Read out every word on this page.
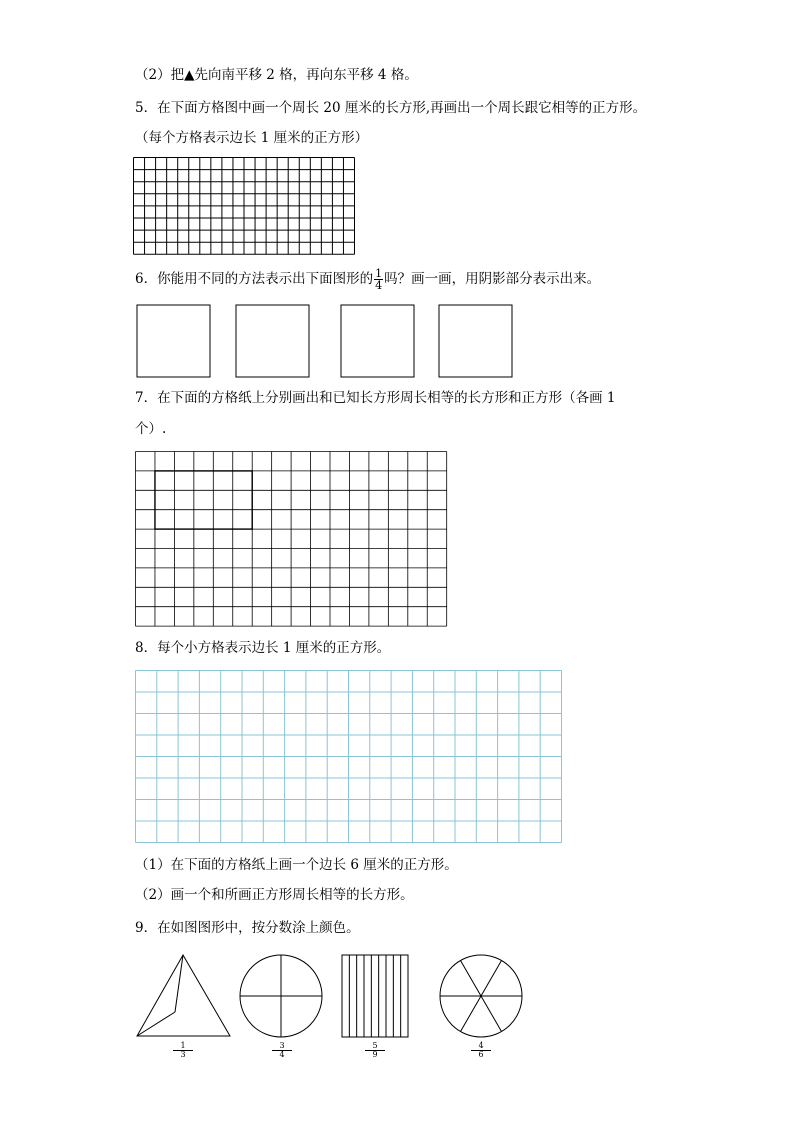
（2）把▲先向南平移 2 格，再向东平移 4 格。
5．在下面方格图中画一个周长 20 厘米的长方形,再画出一个周长跟它相等的正方形。
（每个方格表示边长 1 厘米的正方形）
6．你能用不同的方法表示出下面图形的 $\frac{1}{4}$ 吗？画一画，用阴影部分表示出来。
7．在下面的方格纸上分别画出和已知长方形周长相等的长方形和正方形（各画 1
个）.
8．每个小方格表示边长 1 厘米的正方形。
（1）在下面的方格纸上画一个边长 6 厘米的正方形。
（2）画一个和所画正方形周长相等的长方形。
9．在如图图形中，按分数涂上颜色。
1
3
3
4
5
9
4
6
